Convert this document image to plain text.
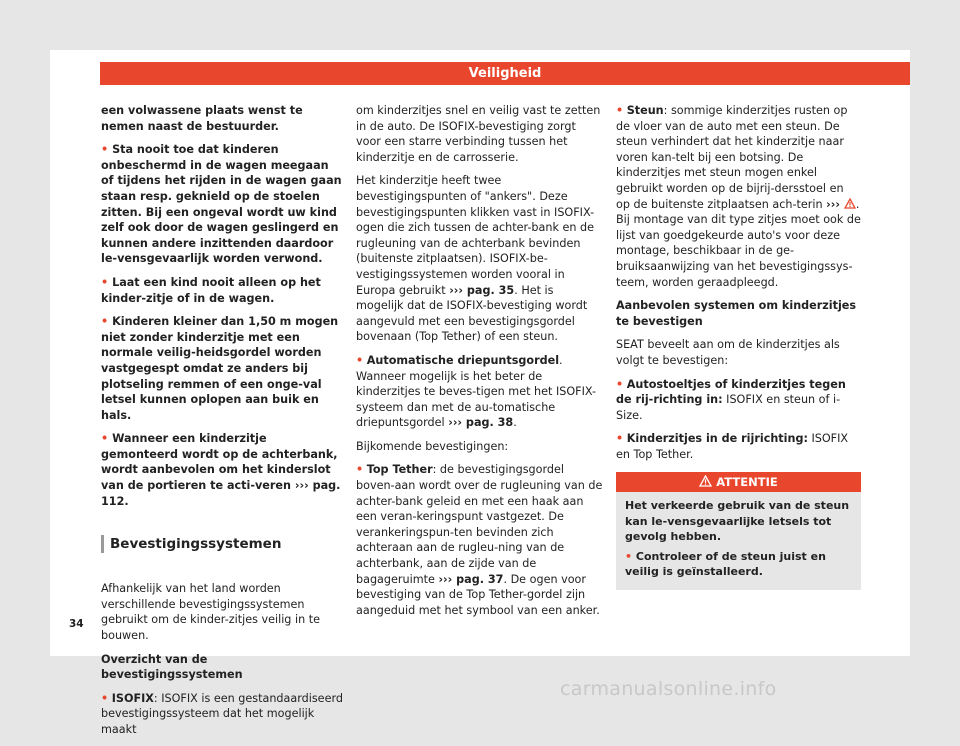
Veiligheid

een volwassene plaats wenst te nemen naast de bestuurder.

• Sta nooit toe dat kinderen onbeschermd in de wagen meegaan of tijdens het rijden in de wagen gaan staan resp. geknield op de stoelen zitten. Bij een ongeval wordt uw kind zelf ook door de wagen geslingerd en kunnen andere inzittenden daardoor le-vensgevaarlijk worden verwond.

• Laat een kind nooit alleen op het kinder-zitje of in de wagen.

• Kinderen kleiner dan 1,50 m mogen niet zonder kinderzitje met een normale veilig-heidsgordel worden vastgegespt omdat ze anders bij plotseling remmen of een onge-val letsel kunnen oplopen aan buik en hals.

• Wanneer een kinderzitje gemonteerd wordt op de achterbank, wordt aanbevolen om het kinderslot van de portieren te acti-veren ››› pag. 112.

Bevestigingssystemen

Afhankelijk van het land worden verschillende bevestigingssystemen gebruikt om de kinder-zitjes veilig in te bouwen.

Overzicht van de bevestigingssystemen

• ISOFIX: ISOFIX is een gestandaardiseerd bevestigingssysteem dat het mogelijk maakt

om kinderzitjes snel en veilig vast te zetten in de auto. De ISOFIX-bevestiging zorgt voor een starre verbinding tussen het kinderzitje en de carrosserie.

Het kinderzitje heeft twee bevestigingspunten of "ankers". Deze bevestigingspunten klikken vast in ISOFIX-ogen die zich tussen de achter-bank en de rugleuning van de achterbank bevinden (buitenste zitplaatsen). ISOFIX-be-vestigingssystemen worden vooral in Europa gebruikt ››› pag. 35. Het is mogelijk dat de ISOFIX-bevestiging wordt aangevuld met een bevestigingsgordel bovenaan (Top Tether) of een steun.

• Automatische driepuntsgordel. Wanneer mogelijk is het beter de kinderzitjes te beves-tigen met het ISOFIX-systeem dan met de au-tomatische driepuntsgordel ››› pag. 38.

Bijkomende bevestigingen:

• Top Tether: de bevestigingsgordel boven-aan wordt over de rugleuning van de achter-bank geleid en met een haak aan een veran-keringspunt vastgezet. De verankeringspun-ten bevinden zich achteraan aan de rugleu-ning van de achterbank, aan de zijde van de bagageruimte ››› pag. 37. De ogen voor bevestiging van de Top Tether-gordel zijn aangeduid met het symbool van een anker.

• Steun: sommige kinderzitjes rusten op de vloer van de auto met een steun. De steun verhindert dat het kinderzitje naar voren kan-telt bij een botsing. De kinderzitjes met steun mogen enkel gebruikt worden op de bijrij-dersstoel en op de buitenste zitplaatsen ach-terin ››› . Bij montage van dit type zitjes moet ook de lijst van goedgekeurde auto's voor deze montage, beschikbaar in de ge-bruiksaanwijzing van het bevestigingssys-teem, worden geraadpleegd.

Aanbevolen systemen om kinderzitjes te bevestigen

SEAT beveelt aan om de kinderzitjes als volgt te bevestigen:

• Autostoeltjes of kinderzitjes tegen de rij-richting in: ISOFIX en steun of i-Size.

• Kinderzitjes in de rijrichting: ISOFIX en Top Tether.

ATTENTIE

Het verkeerde gebruik van de steun kan le-vensgevaarlijke letsels tot gevolg hebben.

• Controleer of de steun juist en veilig is geïnstalleerd.

34
carmanualsonline.info
